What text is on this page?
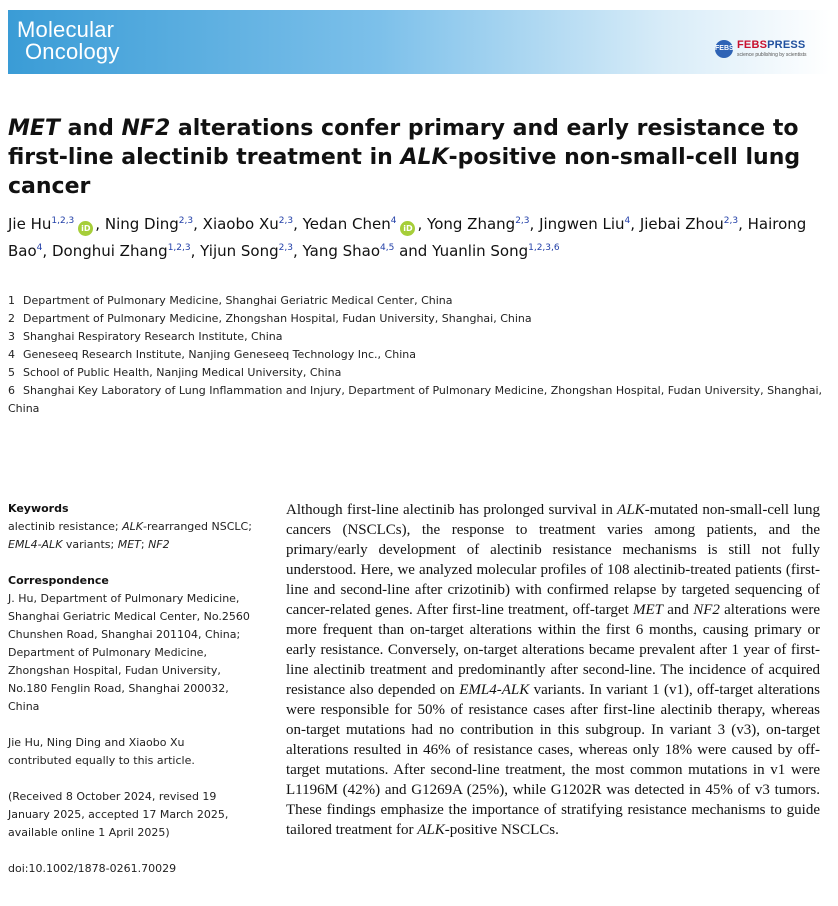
Molecular
Oncology	FEBS FEBSPRESS
science publishing by scientists
MET and NF2 alterations confer primary and early resistance to first-line alectinib treatment in ALK-positive non-small-cell lung cancer
Jie Hu$^{1,2,3}$iD , Ning Ding$^{2,3}$, Xiaobo Xu$^{2,3}$, Yedan Chen$^4$iD , Yong Zhang$^{2,3}$, Jingwen Liu$^4$, Jiebai Zhou$^{2,3}$, Hairong Bao$^4$, Donghui Zhang$^{1,2,3}$, Yijun Song$^{2,3}$, Yang Shao$^{4,5}$ and Yuanlin Song$^{1,2,3,6}$
1 Department of Pulmonary Medicine, Shanghai Geriatric Medical Center, China
2 Department of Pulmonary Medicine, Zhongshan Hospital, Fudan University, Shanghai, China
3 Shanghai Respiratory Research Institute, China
4 Geneseeq Research Institute, Nanjing Geneseeq Technology Inc., China
5 School of Public Health, Nanjing Medical University, China
6 Shanghai Key Laboratory of Lung Inflammation and Injury, Department of Pulmonary Medicine, Zhongshan Hospital, Fudan University, Shanghai, China
Keywords
alectinib resistance; ALK-rearranged NSCLC; EML4-ALK variants; MET; NF2
Correspondence
J. Hu, Department of Pulmonary Medicine,
Shanghai Geriatric Medical Center, No.2560
Chunshen Road, Shanghai 201104, China;
Department of Pulmonary Medicine,
Zhongshan Hospital, Fudan University,
No.180 Fenglin Road, Shanghai 200032,
China
Jie Hu, Ning Ding and Xiaobo Xu
contributed equally to this article.
(Received 8 October 2024, revised 19
January 2025, accepted 17 March 2025,
available online 1 April 2025)
doi:10.1002/1878-0261.70029

Although first-line alectinib has prolonged survival in ALK-mutated non-small-cell lung cancers (NSCLCs), the response to treatment varies among patients, and the primary/early development of alectinib resistance mechanisms is still not fully understood. Here, we analyzed molecular profiles of 108 alectinib-treated patients (first-line and second-line after crizotinib) with confirmed relapse by targeted sequencing of cancer-related genes. After first-line treatment, off-target MET and NF2 alterations were more frequent than on-target alterations within the first 6 months, causing primary or early resistance. Conversely, on-target alterations became prevalent after 1 year of first-line alectinib treatment and predominantly after second-line. The incidence of acquired resistance also depended on EML4-ALK variants. In variant 1 (v1), off-target alterations were responsible for 50% of resistance cases after first-line alectinib therapy, whereas on-target mutations had no contribution in this subgroup. In variant 3 (v3), on-target alterations resulted in 46% of resistance cases, whereas only 18% were caused by off-target mutations. After second-line treatment, the most common mutations in v1 were L1196M (42%) and G1269A (25%), while G1202R was detected in 45% of v3 tumors. These findings emphasize the importance of stratifying resistance mechanisms to guide tailored treatment for ALK-positive NSCLCs.
